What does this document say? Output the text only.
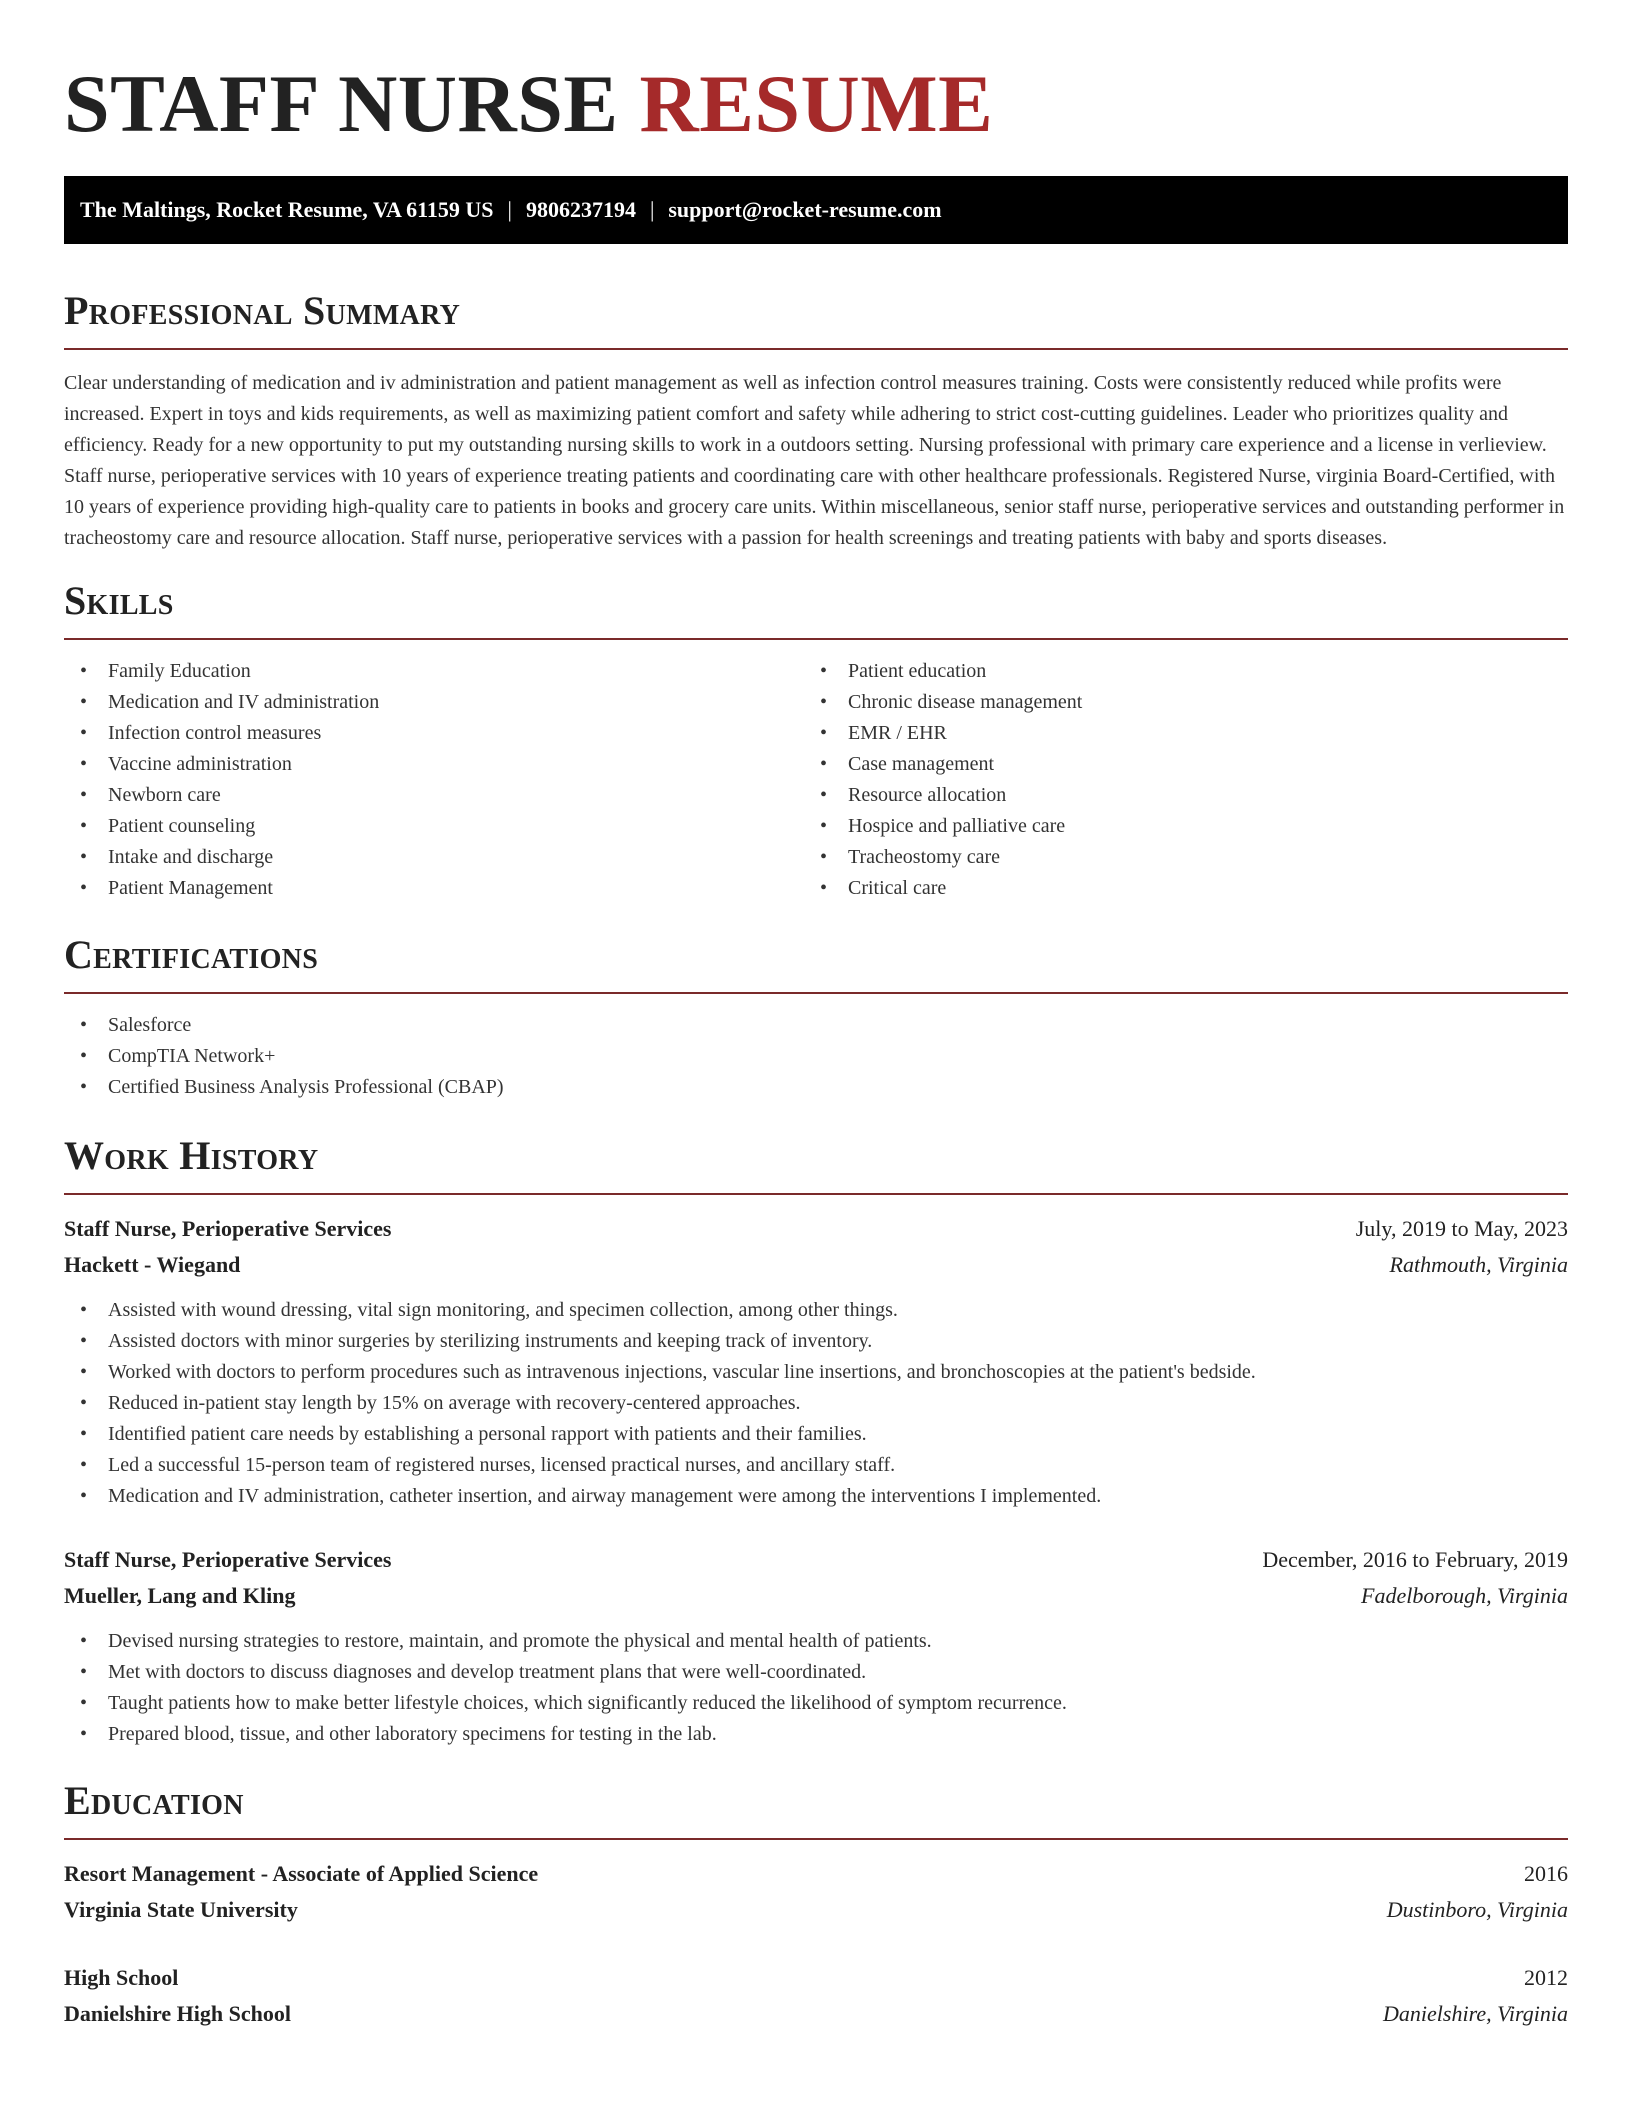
STAFF NURSE RESUME
The Maltings, Rocket Resume, VA 61159 US | 9806237194 | support@rocket-resume.com
Professional Summary

Clear understanding of medication and iv administration and patient management as well as infection control measures training. Costs were consistently reduced while profits were increased. Expert in toys and kids requirements, as well as maximizing patient comfort and safety while adhering to strict cost-cutting guidelines. Leader who prioritizes quality and efficiency. Ready for a new opportunity to put my outstanding nursing skills to work in a outdoors setting. Nursing professional with primary care experience and a license in verlieview. Staff nurse, perioperative services with 10 years of experience treating patients and coordinating care with other healthcare professionals. Registered Nurse, virginia Board-Certified, with 10 years of experience providing high-quality care to patients in books and grocery care units. Within miscellaneous, senior staff nurse, perioperative services and outstanding performer in tracheostomy care and resource allocation. Staff nurse, perioperative services with a passion for health screenings and treating patients with baby and sports diseases.

Skills
• Family Education
• Medication and IV administration
• Infection control measures
• Vaccine administration
• Newborn care
• Patient counseling
• Intake and discharge
• Patient Management
• Patient education
• Chronic disease management
• EMR / EHR
• Case management
• Resource allocation
• Hospice and palliative care
• Tracheostomy care
• Critical care
Certifications
• Salesforce
• CompTIA Network+
• Certified Business Analysis Professional (CBAP)
Work History
Staff Nurse, Perioperative Services	July, 2019 to May, 2023
Hackett - Wiegand	Rathmouth, Virginia
• Assisted with wound dressing, vital sign monitoring, and specimen collection, among other things.
• Assisted doctors with minor surgeries by sterilizing instruments and keeping track of inventory.
• Worked with doctors to perform procedures such as intravenous injections, vascular line insertions, and bronchoscopies at the patient's bedside.
• Reduced in-patient stay length by 15% on average with recovery-centered approaches.
• Identified patient care needs by establishing a personal rapport with patients and their families.
• Led a successful 15-person team of registered nurses, licensed practical nurses, and ancillary staff.
• Medication and IV administration, catheter insertion, and airway management were among the interventions I implemented.
Staff Nurse, Perioperative Services	December, 2016 to February, 2019
Mueller, Lang and Kling	Fadelborough, Virginia
• Devised nursing strategies to restore, maintain, and promote the physical and mental health of patients.
• Met with doctors to discuss diagnoses and develop treatment plans that were well-coordinated.
• Taught patients how to make better lifestyle choices, which significantly reduced the likelihood of symptom recurrence.
• Prepared blood, tissue, and other laboratory specimens for testing in the lab.
Education
Resort Management - Associate of Applied Science	2016
Virginia State University	Dustinboro, Virginia
High School	2012
Danielshire High School	Danielshire, Virginia
